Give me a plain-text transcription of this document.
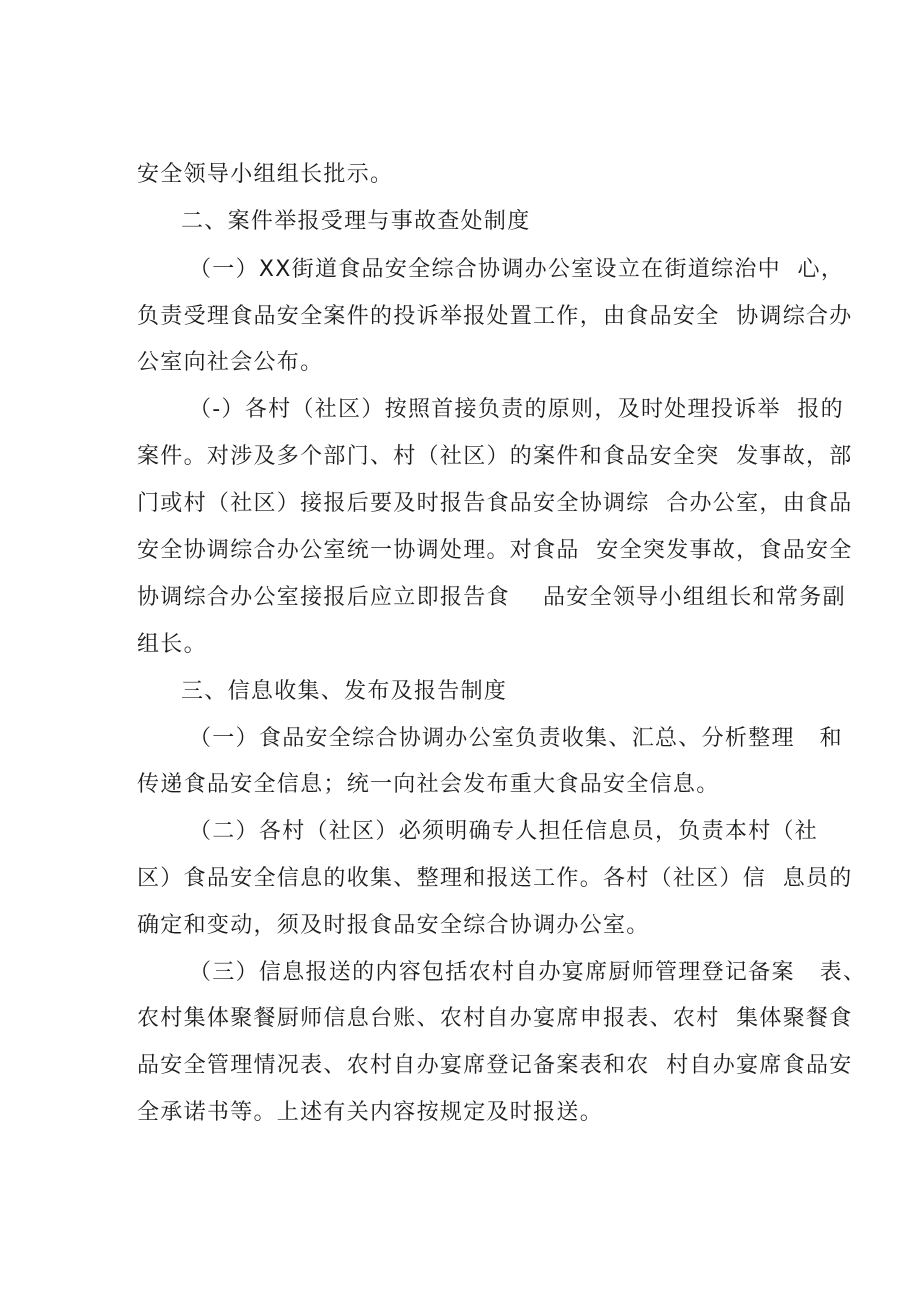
安全领导小组组长批示。
二、案件举报受理与事故查处制度
（一）XX街道食品安全综合协调办公室设立在街道综治中  心，
负责受理食品安全案件的投诉举报处置工作，由食品安全  协调综合办
公室向社会公布。
（-）各村（社区）按照首接负责的原则，及时处理投诉举  报的
案件。对涉及多个部门、村（社区）的案件和食品安全突  发事故，部
门或村（社区）接报后要及时报告食品安全协调综  合办公室，由食品
安全协调综合办公室统一协调处理。对食品  安全突发事故，食品安全
协调综合办公室接报后应立即报告食    品安全领导小组组长和常务副
组长。
三、信息收集、发布及报告制度
（一）食品安全综合协调办公室负责收集、汇总、分析整理   和
传递食品安全信息；统一向社会发布重大食品安全信息。
（二）各村（社区）必须明确专人担任信息员，负责本村（社
区）食品安全信息的收集、整理和报送工作。各村（社区）信  息员的
确定和变动，须及时报食品安全综合协调办公室。
（三）信息报送的内容包括农村自办宴席厨师管理登记备案   表、
农村集体聚餐厨师信息台账、农村自办宴席申报表、农村  集体聚餐食
品安全管理情况表、农村自办宴席登记备案表和农  村自办宴席食品安
全承诺书等。上述有关内容按规定及时报送。
